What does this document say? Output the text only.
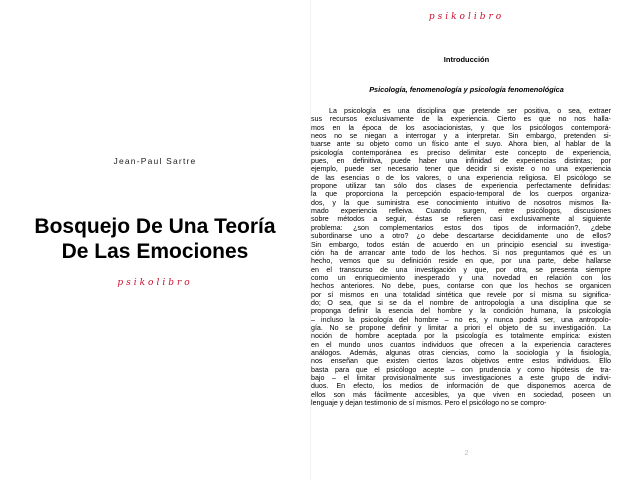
Jean-Paul Sartre
Bosquejo De Una Teoría
De Las Emociones
psikolibro
psikolibro
Introducción
Psicología, fenomenología y psicología fenomenológica
La psicología es una disciplina que pretende ser positiva, o sea, extraer
sus recursos exclusivamente de la experiencia. Cierto es que no nos halla-
mos en la época de los asociacionistas, y que los psicólogos contemporá-
neos no se niegan a interrogar y a interpretar. Sin embargo, pretenden si-
tuarse ante su objeto como un físico ante el suyo. Ahora bien, al hablar de la
psicología contemporánea es preciso delimitar este concepto de experiencia,
pues, en definitiva, puede haber una infinidad de experiencias distintas; por
ejemplo, puede ser necesario tener que decidir si existe o no una experiencia
de las esencias o de los valores, o una experiencia religiosa. El psicólogo se
propone utilizar tan sólo dos clases de experiencia perfectamente definidas:
la que proporciona la percepción espacio-temporal de los cuerpos organiza-
dos, y la que suministra ese conocimiento intuitivo de nosotros mismos lla-
mado experiencia refleiva. Cuando surgen, entre psicólogos, discusiones
sobre métodos a seguir, éstas se refieren casi exclusivamente al siguiente
problema: ¿son complementarios estos dos tipos de información?, ¿debe
subordinarse uno a otro? ¿o debe descartarse decididamente uno de ellos?
Sin embargo, todos están de acuerdo en un principio esencial su investiga-
ción ha de arrancar ante todo de los hechos. Si nos preguntamos qué es un
hecho, vemos que su definición reside en que, por una parte, debe hallarse
en el transcurso de una investigación y que, por otra, se presenta siempre
como un enriquecimiento inesperado y una novedad en relación con los
hechos anteriores. No debe, pues, contarse con que los hechos se organicen
por sí mismos en una totalidad sintética que revele por sí misma su significa-
do; O sea, que si se da el nombre de antropología a una disciplina que se
proponga definir la esencia del hombre y la condición humana, la psicología
– incluso la psicología del hombre – no es, y nunca podrá ser, una antropolo-
gía. No se propone definir y limitar a priori el objeto de su investigación. La
noción de hombre aceptada por la psicología es totalmente empírica: existen
en el mundo unos cuantos individuos que ofrecen a la experiencia caracteres
análogos. Además, algunas otras ciencias, como la sociología y la fisiología,
nos enseñan que existen ciertos lazos objetivos entre estos individuos. Ello
basta para que el psicólogo acepte – con prudencia y como hipótesis de tra-
bajo – el limitar provisionalmente sus investigaciones a este grupo de indivi-
duos. En efecto, los medios de información de que disponemos acerca de
ellos son más fácilmente accesibles, ya que viven en sociedad, poseen un
lenguaje y dejan testimonio de sí mismos. Pero el psicólogo no se compro-
2
